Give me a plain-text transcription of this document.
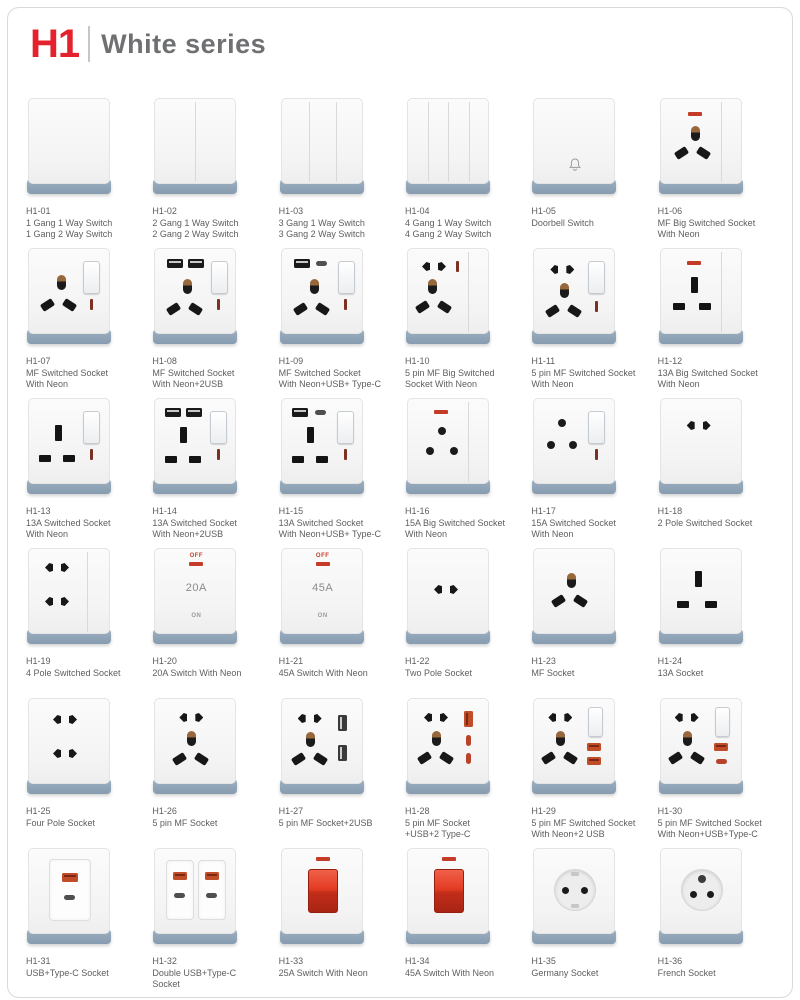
H1 White series
H1-01
1 Gang 1 Way Switch
1 Gang 2 Way Switch
H1-02
2 Gang 1 Way Switch
2 Gang 2 Way Switch
H1-03
3 Gang 1 Way Switch
3 Gang 2 Way Switch
H1-04
4 Gang 1 Way Switch
4 Gang 2 Way Switch
H1-05
Doorbell Switch
H1-06
MF Big Switched Socket
With Neon
H1-07
MF Switched Socket
With Neon
H1-08
MF Switched Socket
With Neon+2USB
H1-09
MF Switched Socket
With Neon+USB+ Type-C
H1-10
5 pin MF Big Switched
Socket With Neon
H1-11
5 pin MF Switched Socket
With Neon
H1-12
13A Big Switched Socket
With Neon
H1-13
13A Switched Socket
With Neon
H1-14
13A Switched Socket
With Neon+2USB
H1-15
13A Switched Socket
With Neon+USB+ Type-C
H1-16
15A Big Switched Socket
With Neon
H1-17
15A Switched Socket
With Neon
H1-18
2 Pole Switched Socket
H1-19
4 Pole Switched Socket
OFF
20A
ON
H1-20
20A Switch With Neon
OFF
45A
ON
H1-21
45A Switch With Neon
H1-22
Two Pole Socket
H1-23
MF Socket
H1-24
13A Socket
H1-25
Four Pole Socket
H1-26
5 pin MF Socket
H1-27
5 pin MF Socket+2USB
H1-28
5 pin MF Socket
+USB+2 Type-C
H1-29
5 pin MF Switched Socket
With Neon+2 USB
H1-30
5 pin MF Switched Socket
With Neon+USB+Type-C
H1-31
USB+Type-C Socket
H1-32
Double USB+Type-C
Socket
H1-33
25A Switch With Neon
H1-34
45A Switch With Neon
H1-35
Germany Socket
H1-36
French Socket
